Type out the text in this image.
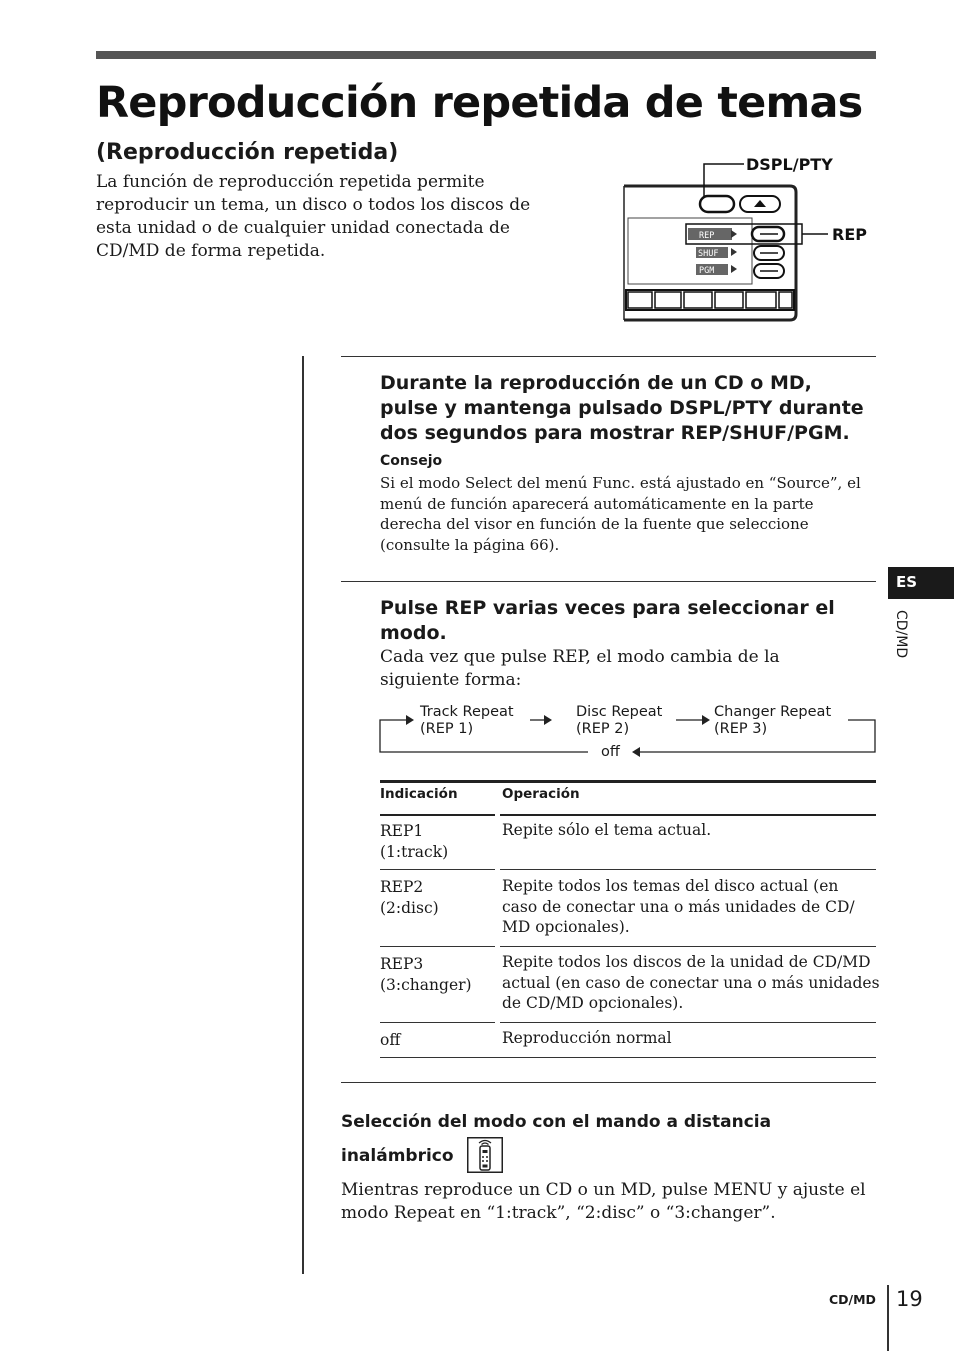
Reproducción repetida de temas
(Reproducción repetida)
La función de reproducción repetida permite reproducir un tema, un disco o todos los discos de esta unidad o de cualquier unidad conectada de CD/MD de forma repetida.
REP
SHUF
PGM
DSPL/PTY
REP
Durante la reproducción de un CD o MD, pulse y mantenga pulsado DSPL/PTY durante dos segundos para mostrar REP/SHUF/PGM.
Consejo
Si el modo Select del menú Func. está ajustado en “Source”, el menú de función aparecerá automáticamente en la parte derecha del visor en función de la fuente que seleccione (consulte la página 66).
Pulse REP varias veces para seleccionar el modo.
Cada vez que pulse REP, el modo cambia de la siguiente forma:
Track Repeat
(REP 1)
Disc Repeat
(REP 2)
Changer Repeat
(REP 3)
off
Indicación	Operación
REP1
(1:track)
Repite sólo el tema actual.
REP2
(2:disc)
Repite todos los temas del disco actual (en caso de conectar una o más unidades de CD/ MD opcionales).
REP3
(3:changer)
Repite todos los discos de la unidad de CD/MD actual (en caso de conectar una o más unidades de CD/MD opcionales).
off	Reproducción normal
Selección del modo con el mando a distancia
inalámbrico
Mientras reproduce un CD o un MD, pulse MENU y ajuste el modo Repeat en “1:track”, “2:disc” o “3:changer”.
ES
CD/MD
CD/MD 19
